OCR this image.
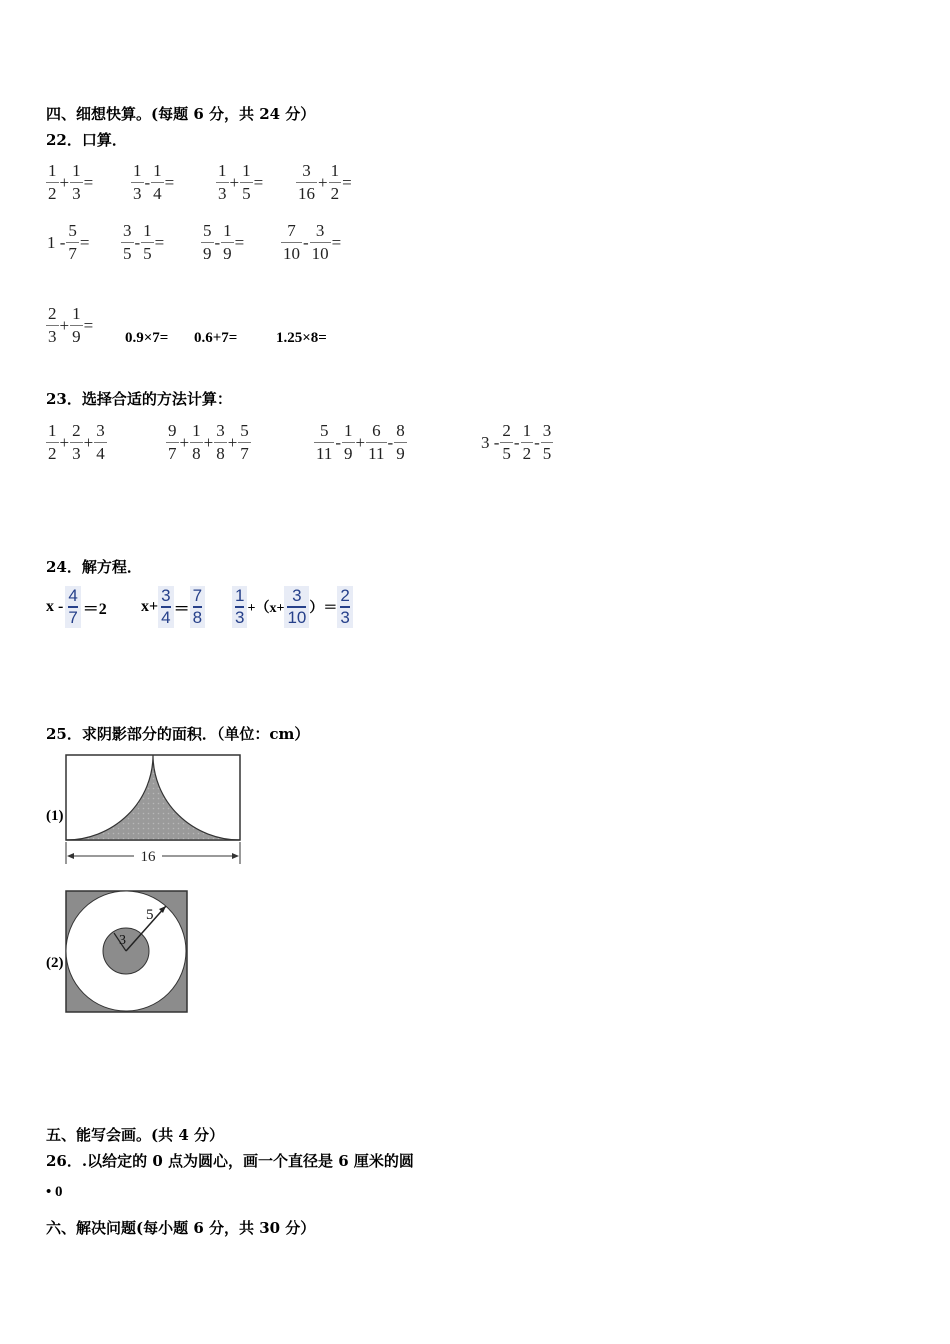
四、细想快算。(每题 6 分，共 24 分）
22．口算．
$\frac{1}{2} + \frac{1}{3} = \frac{1}{3} - \frac{1}{4} = \frac{1}{3} + \frac{1}{5} = \frac{3}{16} + \frac{1}{2}$ =
$1 - \frac{5}{7} = \frac{3}{5} - \frac{1}{5} = \frac{5}{9} - \frac{1}{9} = \frac{7}{10} - \frac{3}{10}$ =
$\frac{2}{3} + \frac{1}{9}$ =
0.9×7= 0.6+7=	1.25×8=
23．选择合适的方法计算：
$\frac{1}{2} + \frac{2}{3} + \frac{3}{4}$	$\frac{9}{7} + \frac{1}{8} + \frac{3}{8} + \frac{5}{7}$	$\frac{5}{11} - \frac{1}{9} + \frac{6}{11} - \frac{8}{9}$	$3 - \frac{2}{5} - \frac{1}{2} - \frac{3}{5}$
24．解方程．
x -
4
7 ＝2 $x+ \frac{3}{4}$ ＝
7
8
1
$3 +(x+ \frac{3}{10}$ ）＝
2
3
25．求阴影部分的面积．（单位：cm）
(1)
16
(2)
5
3
五、能写会画。(共 4 分）
26．.以给定的 0 点为圆心，画一个直径是 6 厘米的圆
• 0
六、解决问题(每小题 6 分，共 30 分）
